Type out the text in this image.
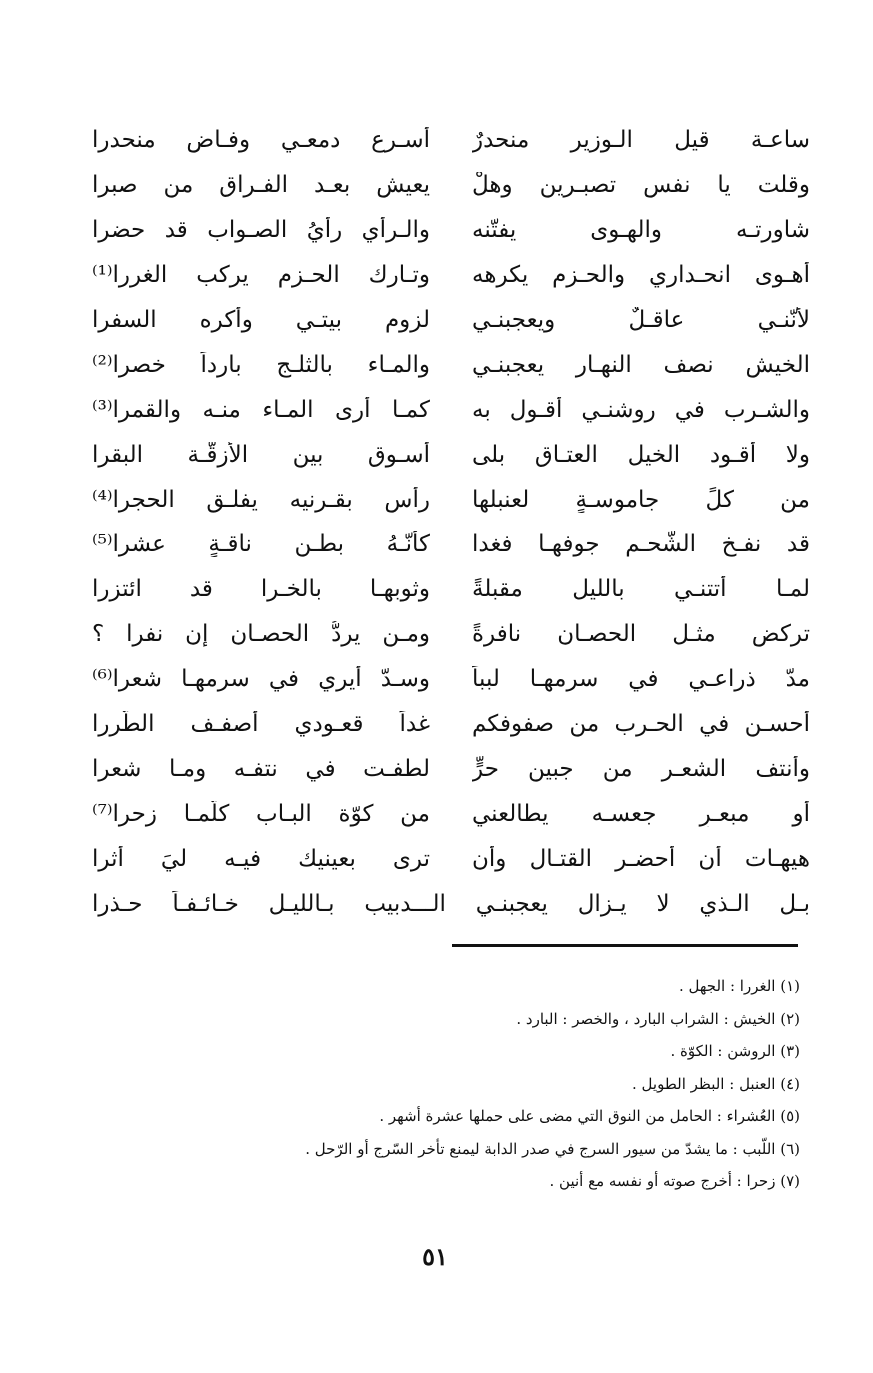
ساعـة قيل الـوزير منحدرٌ
أسـرع دمعـي وفـاض منحدرا
وقلت يا نفس تصبـرين وهلْ
يعيش بعـد الفـراق من صبرا
شاورتـه والهـوى يفتّنه
والـرأي رأيُ الصـواب قد حضرا
أهـوى انحـداري والحـزم يكرهه
وتـارك الحـزم يركب الغررا⁽¹⁾
لأنّنـي عاقـلٌ ويعجبنـي
لزوم بيتـي وأكره السفرا
الخيش نصف النهـار يعجبنـي
والمـاء بالثلـج بارداً خصرا⁽²⁾
والشـرب في روشنـي أقـول به
كمـا أرى المـاء منـه والقمرا⁽³⁾
ولا أقـود الخيل العتـاق بلى
أسـوق بين الأزقّـة البقرا
من كلٍّ جاموسـةٍ لعنبلها
رأس بقـرنيه يفلـق الحجرا⁽⁴⁾
قد نفـخ الشّحـم جوفهـا فغدا
كأنّـهُ بطـن ناقـةٍ عشرا⁽⁵⁾
لمـا أتتنـي بالليل مقبلةً
وثوبهـا بالخـرا قد ائتزرا
تركض مثـل الحصـان نافرةً
ومـن يردُّ الحصـان إن نفرا ؟
مدّ ذراعـي في سرمهـا لبباً
وسـدّ أيري في سرمهـا شعرا⁽⁶⁾
أحسـن في الحـرب من صفوفكم
غداً قعـودي أصفـف الطُّررا
وأنتف الشعـر من جبين حرٍّ
لطفـت في نتفـه ومـا شعرا
أو مبعـرٍ جعسـه يطالعني
من كوّة البـاب كلّمـا زحرا⁽⁷⁾
هيهـات أن أحضـر القتـال وأن
ترى بعينيك فيـه ليَ أثرا
بـل الـذي لا يـزال يعجبنـي الـــدبيب بـالليـل خـائـفـاً حـذرا
(١) الغررا : الجهل .
(٢) الخيش : الشراب البارد ، والخصر : البارد .
(٣) الروشن : الكوّة .
(٤) العنبل : البظر الطويل .
(٥) العُشراء : الحامل من النوق التي مضى على حملها عشرة أشهر .
(٦) اللّبب : ما يشدّ من سيور السرج في صدر الدابة ليمنع تأخر السّرج أو الرّحل .
(٧) زحرا : أخرج صوته أو نفسه مع أنين .
٥١
